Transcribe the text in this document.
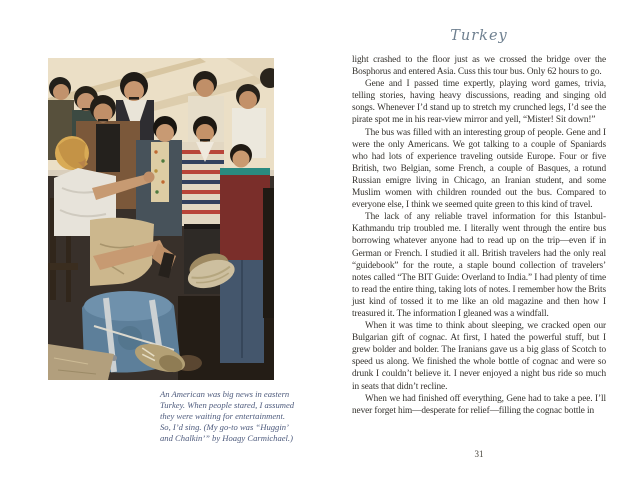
An American was big news in eastern
Turkey. When people stared, I assumed
they were waiting for entertainment.
So, I’d sing. (My go-to was “Huggin’
and Chalkin’” by Hoagy Carmichael.)
Turkey

light crashed to the floor just as we crossed the bridge over the Bosphorus and entered Asia. Cuss this tour bus. Only 62 hours to go.

Gene and I passed time expertly, playing word games, trivia, telling stories, having heavy discussions, reading and singing old songs. Whenever I’d stand up to stretch my crunched legs, I’d see the pirate spot me in his rear-view mirror and yell, “Mister! Sit down!”

The bus was filled with an interesting group of people. Gene and I were the only Americans. We got talking to a couple of Spaniards who had lots of experience traveling outside Europe. Four or five British, two Belgian, some French, a couple of Basques, a rotund Russian emigre living in Chicago, an Iranian student, and some Muslim women with children rounded out the bus. Compared to everyone else, I think we seemed quite green to this kind of travel.

The lack of any reliable travel information for this Istanbul-Kathmandu trip troubled me. I literally went through the entire bus borrowing whatever anyone had to read up on the trip—even if in German or French. I studied it all. British travelers had the only real “guidebook” for the route, a staple bound collection of travelers’ notes called “The BIT Guide: Overland to India.” I had plenty of time to read the entire thing, taking lots of notes. I remember how the Brits just kind of tossed it to me like an old magazine and then how I treasured it. The information I gleaned was a windfall.

When it was time to think about sleeping, we cracked open our Bulgarian gift of cognac. At first, I hated the powerful stuff, but I grew bolder and bolder. The Iranians gave us a big glass of Scotch to speed us along. We finished the whole bottle of cognac and were so drunk I couldn’t believe it. I never enjoyed a night bus ride so much in seats that didn’t recline.

When we had finished off everything, Gene had to take a pee. I’ll never forget him—desperate for relief—filling the cognac bottle in

31
